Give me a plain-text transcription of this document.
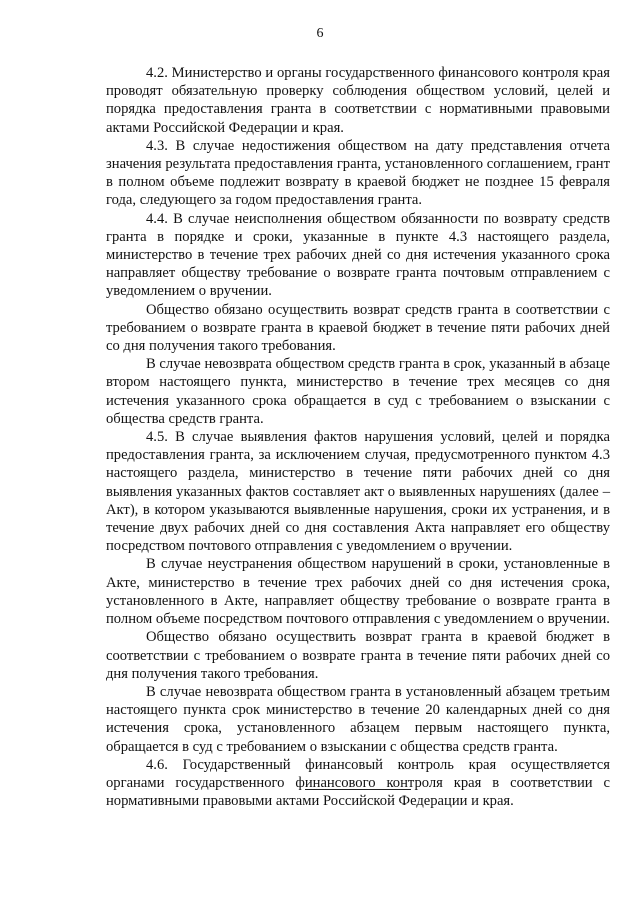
6

4.2. Министерство и органы государственного финансового контроля края проводят обязательную проверку соблюдения обществом условий, целей и порядка предоставления гранта в соответствии с нормативными правовыми актами Российской Федерации и края.

4.3. В случае недостижения обществом на дату представления отчета значения результата предоставления гранта, установленного соглашением, грант в полном объеме подлежит возврату в краевой бюджет не позднее 15 февраля года, следующего за годом предоставления гранта.

4.4. В случае неисполнения обществом обязанности по возврату средств гранта в порядке и сроки, указанные в пункте 4.3 настоящего раздела, министерство в течение трех рабочих дней со дня истечения указанного срока направляет обществу требование о возврате гранта почтовым отправлением с уведомлением о вручении.

Общество обязано осуществить возврат средств гранта в соответствии с требованием о возврате гранта в краевой бюджет в течение пяти рабочих дней со дня получения такого требования.

В случае невозврата обществом средств гранта в срок, указанный в абзаце втором настоящего пункта, министерство в течение трех месяцев со дня истечения указанного срока обращается в суд с требованием о взыскании с общества средств гранта.

4.5. В случае выявления фактов нарушения условий, целей и порядка предоставления гранта, за исключением случая, предусмотренного пунктом 4.3 настоящего раздела, министерство в течение пяти рабочих дней со дня выявления указанных фактов составляет акт о выявленных нарушениях (далее – Акт), в котором указываются выявленные нарушения, сроки их устранения, и в течение двух рабочих дней со дня составления Акта направляет его обществу посредством почтового отправления с уведомлением о вручении.

В случае неустранения обществом нарушений в сроки, установленные в Акте, министерство в течение трех рабочих дней со дня истечения срока, установленного в Акте, направляет обществу требование о возврате гранта в полном объеме посредством почтового отправления с уведомлением о вручении.

Общество обязано осуществить возврат гранта в краевой бюджет в соответствии с требованием о возврате гранта в течение пяти рабочих дней со дня получения такого требования.

В случае невозврата обществом гранта в установленный абзацем третьим настоящего пункта срок министерство в течение 20 календарных дней со дня истечения срока, установленного абзацем первым настоящего пункта, обращается в суд с требованием о взыскании с общества средств гранта.

4.6. Государственный финансовый контроль края осуществляется органами государственного финансового контроля края в соответствии с нормативными правовыми актами Российской Федерации и края.
